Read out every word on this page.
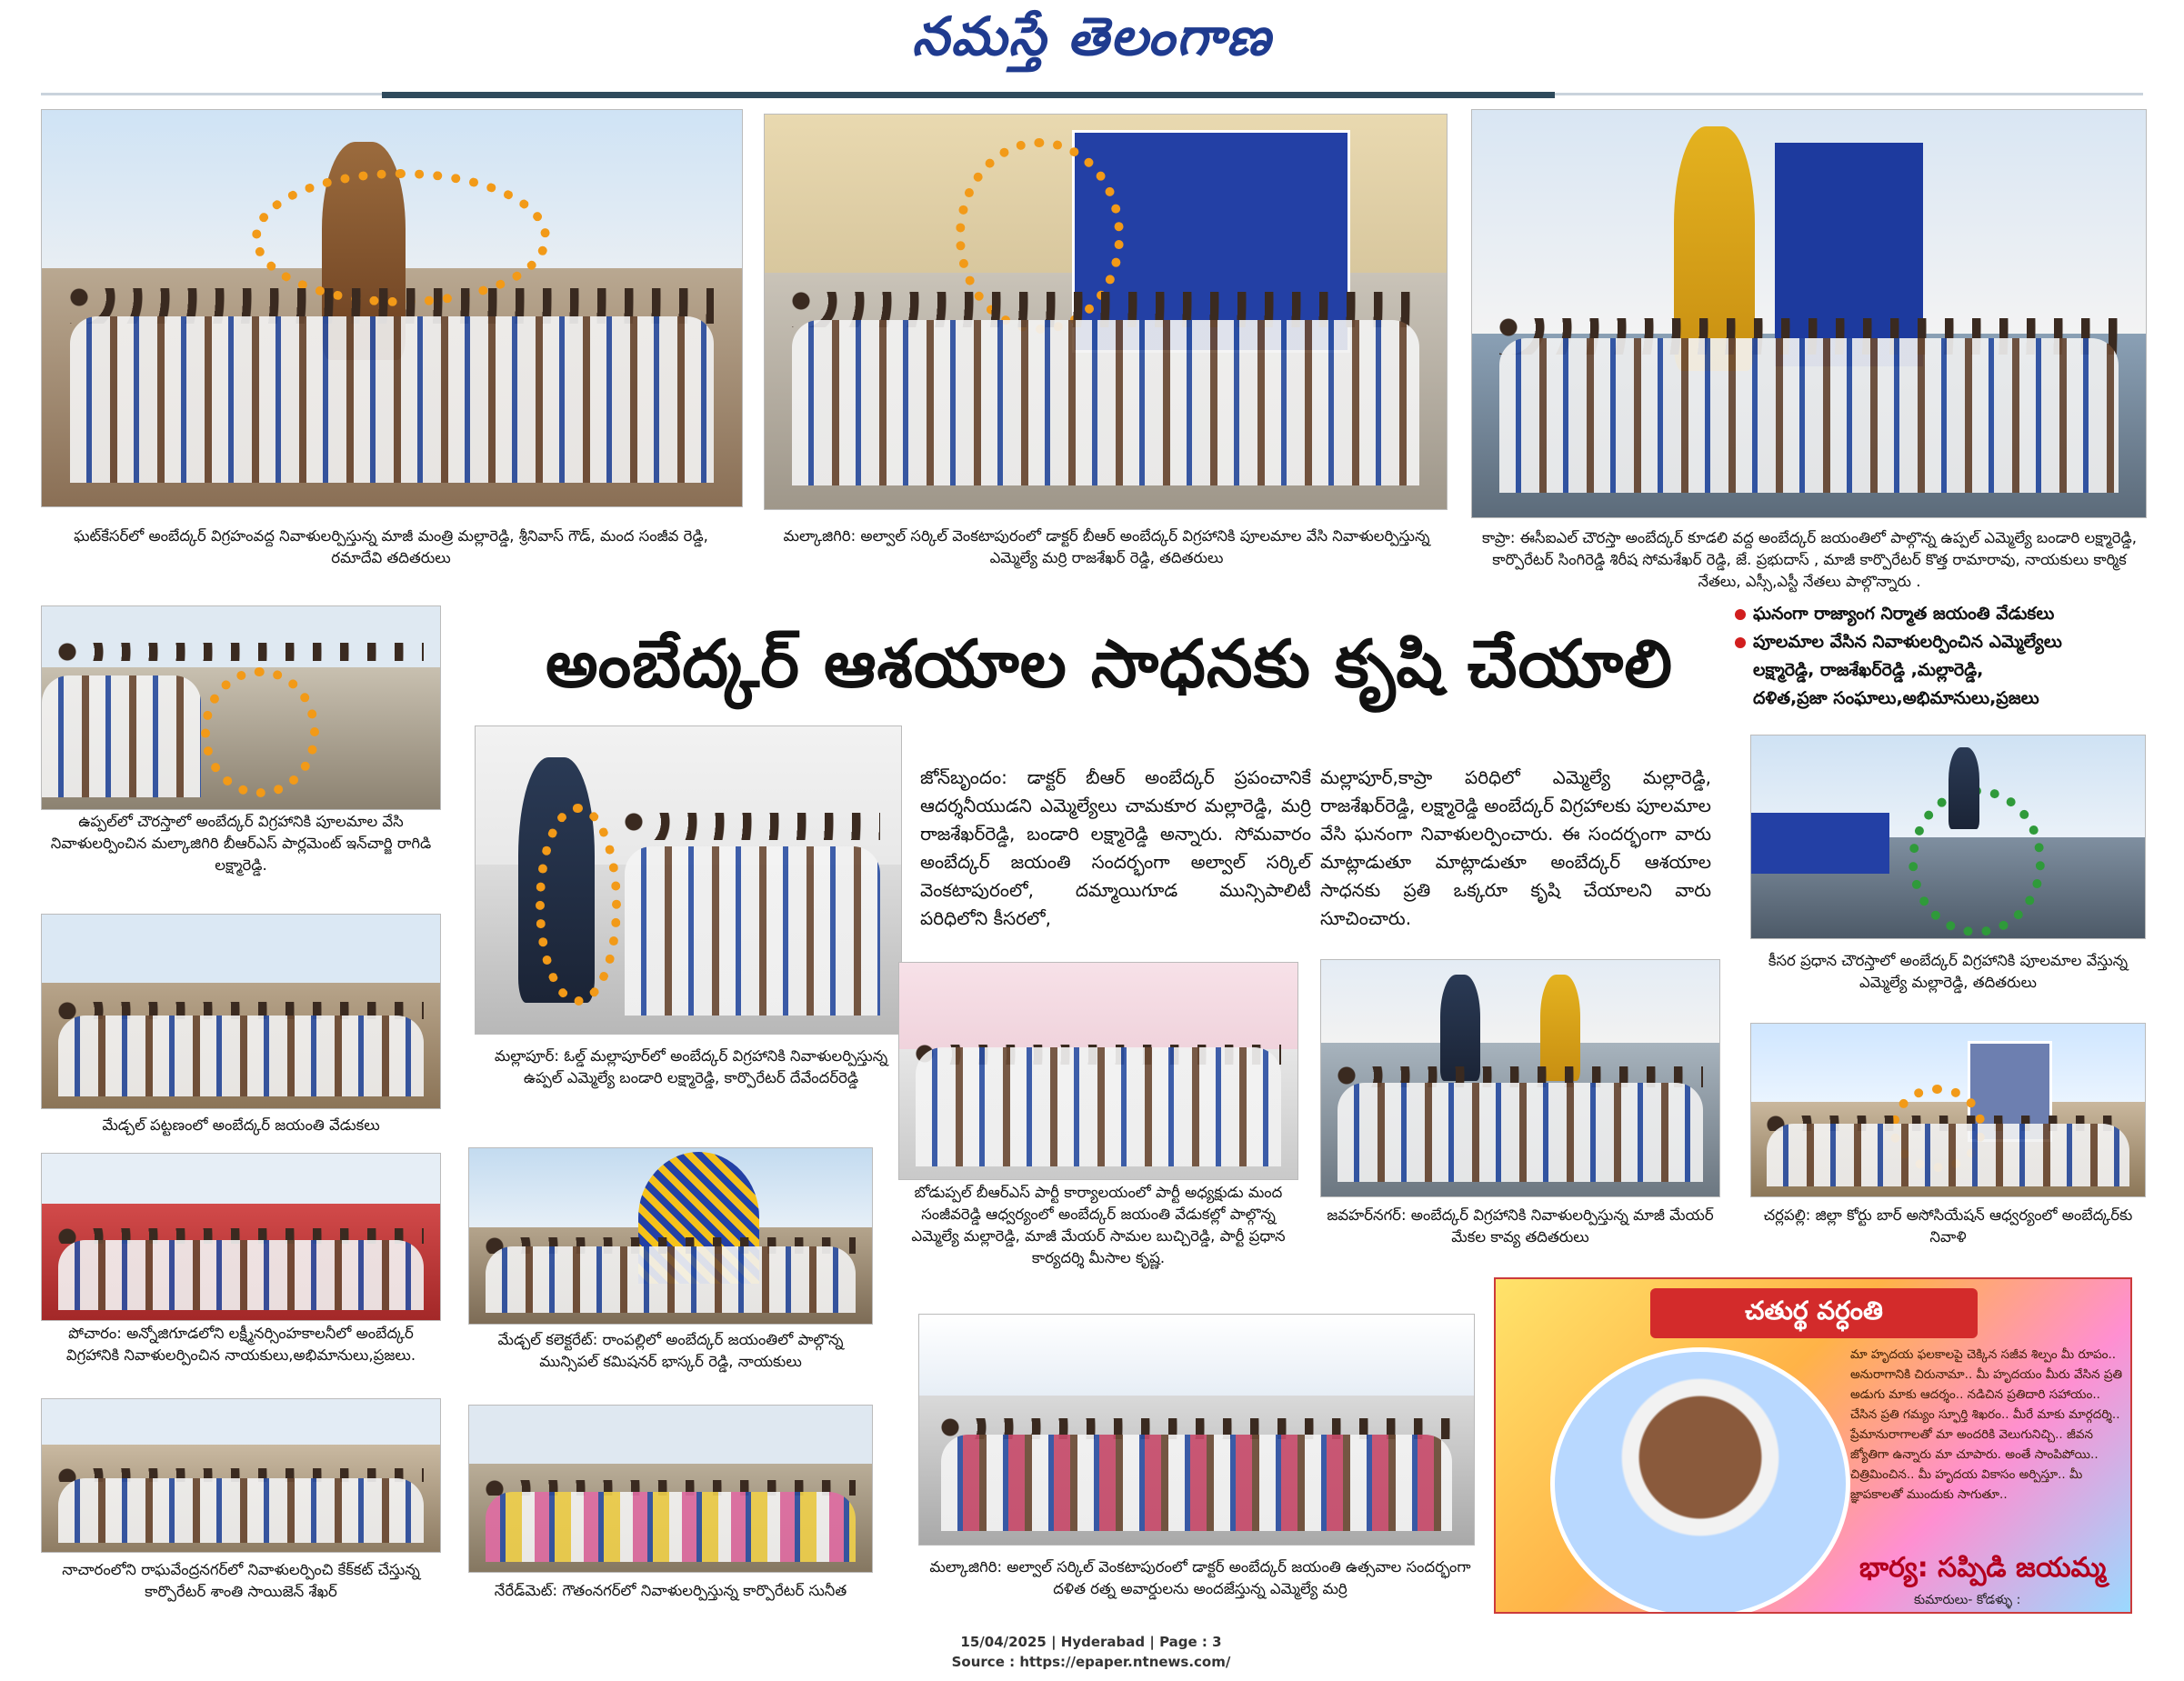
నమస్తే తెలంగాణ
ఘట్‌కేసర్‌లో అంబేద్కర్ విగ్రహంవద్ద నివాళులర్పిస్తున్న మాజీ మంత్రి మల్లారెడ్డి, శ్రీనివాస్ గౌడ్, మంద సంజీవ రెడ్డి, రమాదేవి తదితరులు
మల్కాజిగిరి: అల్వాల్ సర్కిల్ వెంకటాపురంలో డాక్టర్ బీఆర్ అంబేద్కర్ విగ్రహానికి పూలమాల వేసి నివాళులర్పిస్తున్న ఎమ్మెల్యే మర్రి రాజశేఖర్ రెడ్డి, తదితరులు
కాప్రా: ఈసీఐఎల్ చౌరస్తా అంబేద్కర్ కూడలి వద్ద అంబేద్కర్ జయంతిలో పాల్గొన్న ఉప్పల్ ఎమ్మెల్యే బండారి లక్ష్మారెడ్డి, కార్పొరేటర్ సింగిరెడ్డి శిరీష సోమశేఖర్ రెడ్డి, జే. ప్రభుదాస్ , మాజీ కార్పొరేటర్ కొత్త రామారావు, నాయకులు కార్మిక నేతలు, ఎస్సీ,ఎస్టీ నేతలు పాల్గొన్నారు .
అంబేద్కర్ ఆశయాల సాధనకు కృషి చేయాలి
ఘనంగా రాజ్యాంగ నిర్మాత జయంతి వేడుకలు
పూలమాల వేసిన నివాళులర్పించిన ఎమ్మెల్యేలు
లక్ష్మారెడ్డి, రాజశేఖర్‌రెడ్డి ,మల్లారెడ్డి,
దళిత,ప్రజా సంఘాలు,అభిమానులు,ప్రజలు
ఉప్పల్‌లో చౌరస్తాలో అంబేద్కర్ విగ్రహానికి పూలమాల వేసి నివాళులర్పించిన మల్కాజిగిరి బీఆర్ఎస్ పార్లమెంట్ ఇన్‌చార్జి రాగిడి లక్ష్మారెడ్డి.
మేడ్చల్ పట్టణంలో అంబేద్కర్ జయంతి వేడుకలు
పోచారం: అన్నోజిగూడలోని లక్ష్మీనర్సింహకాలనీలో అంబేద్కర్ విగ్రహానికి నివాళులర్పించిన నాయకులు,అభిమానులు,ప్రజలు.
నాచారంలోని రాఘవేంద్రనగర్‌లో నివాళులర్పించి కేక్‌కట్ చేస్తున్న కార్పొరేటర్ శాంతి సాయిజెన్ శేఖర్
మల్లాపూర్: ఓల్డ్ మల్లాపూర్‌లో అంబేద్కర్ విగ్రహానికి నివాళులర్పిస్తున్న ఉప్పల్ ఎమ్మెల్యే బండారి లక్ష్మారెడ్డి, కార్పొరేటర్ దేవేందర్‌రెడ్డి
మేడ్చల్ కలెక్టరేట్: రాంపల్లిలో అంబేద్కర్ జయంతిలో పాల్గొన్న మున్సిపల్ కమిషనర్ భాస్కర్ రెడ్డి, నాయకులు
నేరేడ్‌మెట్: గౌతంనగర్‌లో నివాళులర్పిస్తున్న కార్పొరేటర్ సునీత
జోన్‌బృందం: డాక్టర్ బీఆర్ అంబేద్కర్ ప్రపంచానికే ఆదర్శనీయుడని ఎమ్మెల్యేలు చామకూర మల్లారెడ్డి, మర్రి రాజశేఖర్‌రెడ్డి, బండారి లక్ష్మారెడ్డి అన్నారు. సోమవారం అంబేద్కర్ జయంతి సందర్భంగా అల్వాల్ సర్కిల్ వెంకటాపురంలో, దమ్మాయిగూడ మున్సిపాలిటీ పరిధిలోని కీసరలో,
మల్లాపూర్,కాప్రా పరిధిలో ఎమ్మెల్యే మల్లారెడ్డి, రాజశేఖర్‌రెడ్డి, లక్ష్మారెడ్డి అంబేద్కర్ విగ్రహాలకు పూలమాల వేసి ఘనంగా నివాళులర్పించారు. ఈ సందర్భంగా వారు మాట్లాడుతూ మాట్లాడుతూ అంబేద్కర్ ఆశయాల సాధనకు ప్రతి ఒక్కరూ కృషి చేయాలని వారు సూచించారు.
బోడుప్పల్ బీఆర్ఎస్ పార్టీ కార్యాలయంలో పార్టీ అధ్యక్షుడు మంద సంజీవరెడ్డి ఆధ్వర్యంలో అంబేద్కర్ జయంతి వేడుకల్లో పాల్గొన్న ఎమ్మెల్యే మల్లారెడ్డి, మాజీ మేయర్ సామల బుచ్చిరెడ్డి, పార్టీ ప్రధాన కార్యదర్శి మీసాల కృష్ణ.
జవహర్‌నగర్: అంబేద్కర్ విగ్రహానికి నివాళులర్పిస్తున్న మాజీ మేయర్ మేకల కావ్య తదితరులు
మల్కాజిగిరి: అల్వాల్ సర్కిల్ వెంకటాపురంలో డాక్టర్ అంబేద్కర్ జయంతి ఉత్సవాల సందర్భంగా దళిత రత్న అవార్డులను అందజేస్తున్న ఎమ్మెల్యే మర్రి
కీసర ప్రధాన చౌరస్తాలో అంబేద్కర్ విగ్రహానికి పూలమాల వేస్తున్న ఎమ్మెల్యే మల్లారెడ్డి, తదితరులు
చర్లపల్లి: జిల్లా కోర్టు బార్ అసోసియేషన్ ఆధ్వర్యంలో అంబేద్కర్‌కు నివాళి
చతుర్థ వర్ధంతి
మా హృదయ ఫలకాలపై చెక్కిన సజీవ శిల్పం మీ రూపం.. అనురాగానికి చిరునామా.. మీ హృదయం మీరు వేసిన ప్రతి అడుగు మాకు ఆదర్శం.. నడిచిన ప్రతిదారి సహాయం.. చేసిన ప్రతి గమ్యం స్ఫూర్తి శిఖరం.. మీరే మాకు మార్గదర్శి.. ప్రేమానురాగాలతో మా అందరికి వెలుగునిచ్చి.. జీవన జ్యోతిగా ఉన్నారు మా చూపారు. అంతే సాంపిపోయి.. చిత్రిమించిన.. మీ హృదయ వికాసం అర్పిస్తూ.. మీ జ్ఞాపకాలతో ముందుకు సాగుతూ..
భార్య: సప్పిడి జయమ్మ
కుమారులు- కోడళ్ళు :
15/04/2025 | Hyderabad | Page : 3
Source : https://epaper.ntnews.com/
